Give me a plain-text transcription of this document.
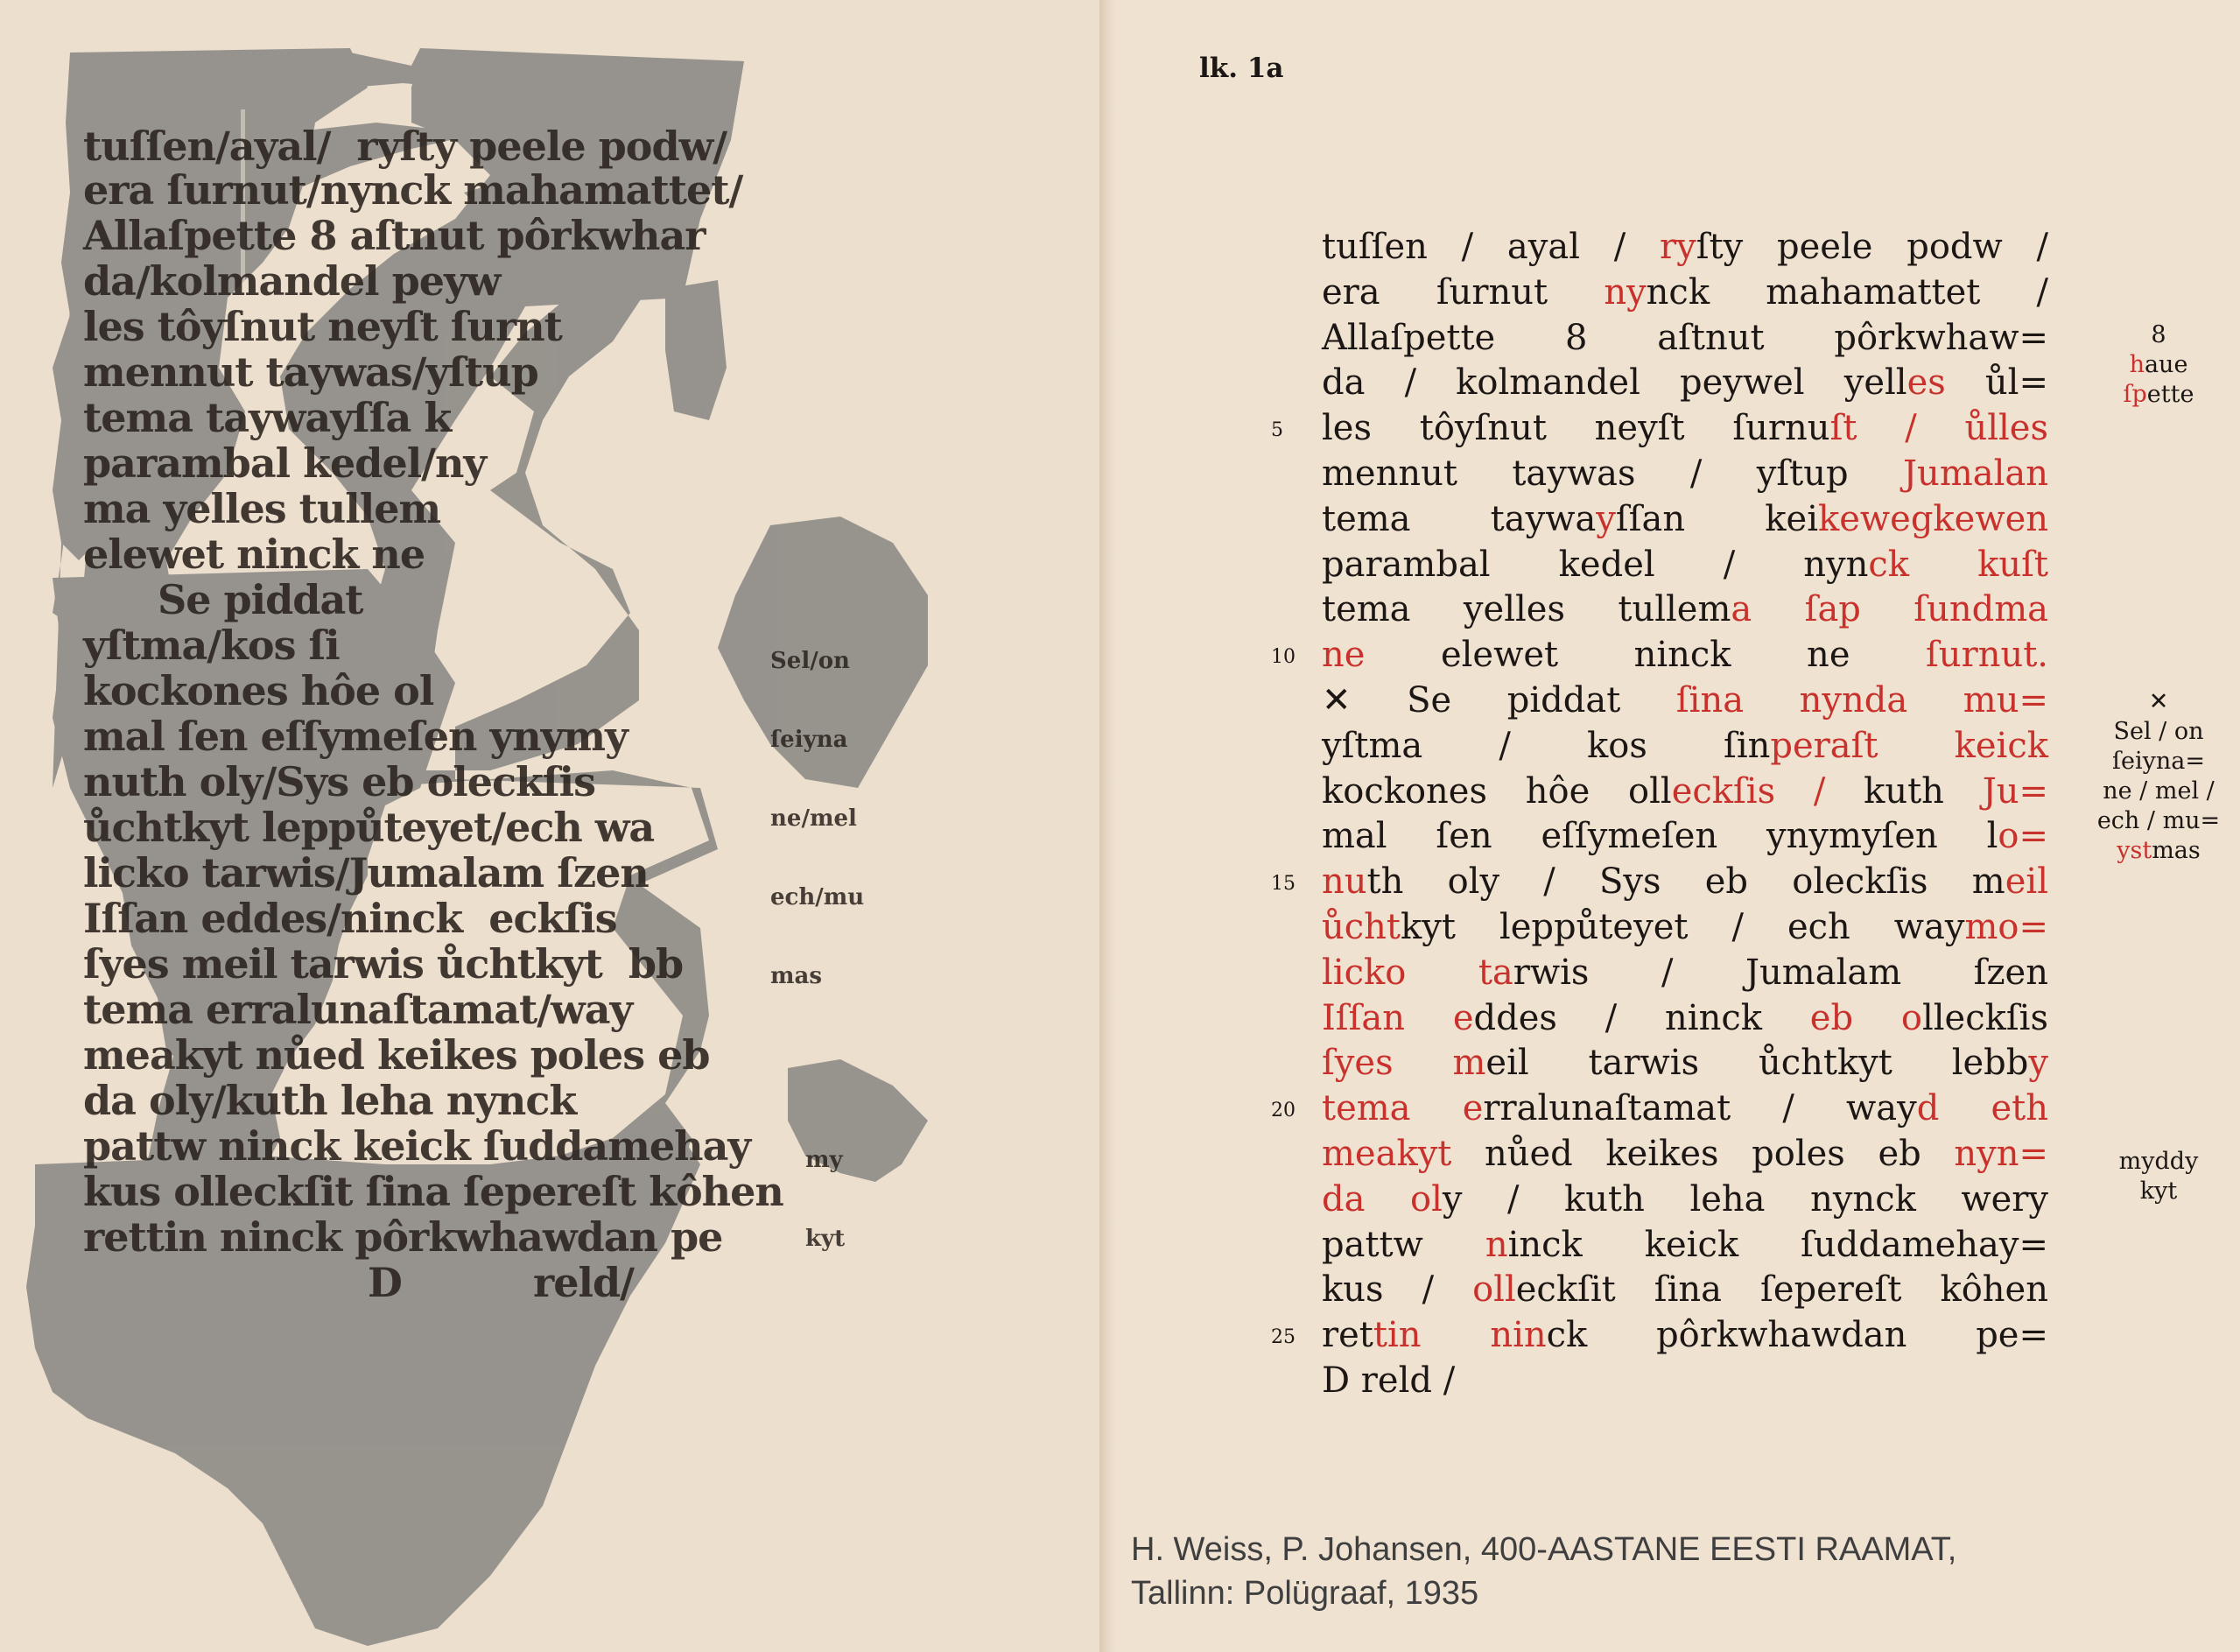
tuſſen/ayal/  ryſty peele podw/
era ſurnut/nynck mahamattet/
Allaſpette 8 aſtnut pôrkwhar
da/kolmandel peyw
les tôyſnut neyſt ſurnt
mennut taywas/yſtup
tema taywayſſa k
parambal kedel/ny
ma yelles tullem
elewet ninck ne
Se piddat
yſtma/kos ſi
kockones hôe ol
mal ſen eſſymeſen ynymy
nuth oly/Sys eb oleckſis
ůchtkyt leppůteyet/ech wa
licko tarwis/Jumalam ſzen
Iſſan eddes/ninck  eckſis
ſyes meil tarwis ůchtkyt  bb
tema erralunaſtamat/way
meakyt nůed keikes poles eb
da oly/kuth leha nynck
pattw ninck keick ſuddamehay
kus olleckſit ſina ſepereſt kôhen
rettin ninck pôrkwhawdan pe
D          reld/

Sel/on

ſeiyna

ne/mel

ech/mu

mas

my

kyt

lk. 1a
tuſſen / ayal / ryſty peele podw /
era ſurnut nynck mahamattet /
Allaſpette 8 aſtnut pôrkwhaw=
da / kolmandel peywel yelles ůl=
5 les tôyſnut neyſt ſurnuſt / ůlles
mennut taywas / yſtup Jumalan
tema taywayſſan keikewegkewen
parambal kedel / nynck kuſt
tema yelles tullema ſap ſundma
10 ne elewet ninck ne ſurnut.
✕ Se piddat ſina nynda mu=
yſtma / kos ſinperaſt keick
kockones hôe olleckſis / kuth Ju=
mal ſen eſſymeſen ynymyſen lo=
15 nuth oly / Sys eb oleckſis meil
ůchtkyt leppůteyet / ech waymo=
licko tarwis / Jumalam ſzen
Iſſan eddes / ninck eb olleckſis
ſyes meil tarwis ůchtkyt lebby
20 tema erralunaſtamat / wayd eth
meakyt nůed keikes poles eb nyn=
da oly / kuth leha nynck wery
pattw ninck keick ſuddamehay=
kus / olleckſit ſina ſepereſt kôhen
25 rettin ninck pôrkwhawdan pe=
D reld /
8
haue
ſpette
✕
Sel / on
ſeiyna=
ne / mel /
ech / mu=
ystmas
myddy
kyt
H. Weiss, P. Johansen, 400-AASTANE EESTI RAAMAT,
Tallinn: Polügraaf, 1935
